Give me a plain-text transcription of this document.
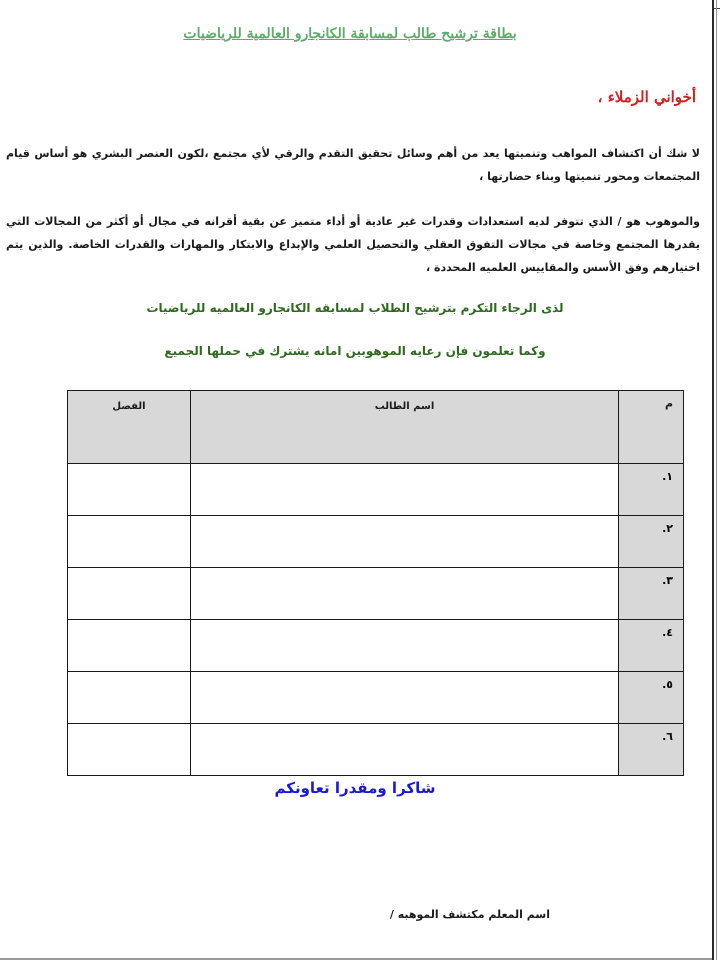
بطاقة ترشيح طالب لمسابقة الكانجارو العالمية للرياضيات
أخواني الزملاء ،
لا شك أن اكتشاف المواهب وتنميتها يعد من أهم وسائل تحقيق التقدم والرقي لأي مجتمع ،لكون العنصر البشري هو أساس قيام المجتمعات ومحور تنميتها وبناء حضارتها ،
والموهوب هو / الذي تتوفر لديه استعدادات وقدرات غير عادية أو أداء متميز عن بقية أقرانه في مجال أو أكثر من المجالات التي يقدرها المجتمع وخاصة في مجالات التفوق العقلي والتحصيل العلمي والإبداع والابتكار والمهارات والقدرات الخاصة. والذين يتم اختيارهم وفق الأسس والمقاييس العلميه المحددة ،
لذى الرجاء التكرم بترشيح الطلاب لمسابقه الكانجارو العالميه للرياضيات
وكما تعلمون فإن رعايه الموهوبين امانه يشترك في حملها الجميع
م	اسم الطالب	الفصل
١.		
٢.		
٣.		
٤.		
٥.		
٦.		
شاكرا ومقدرا تعاونكم
اسم المعلم مكتشف الموهبه /
